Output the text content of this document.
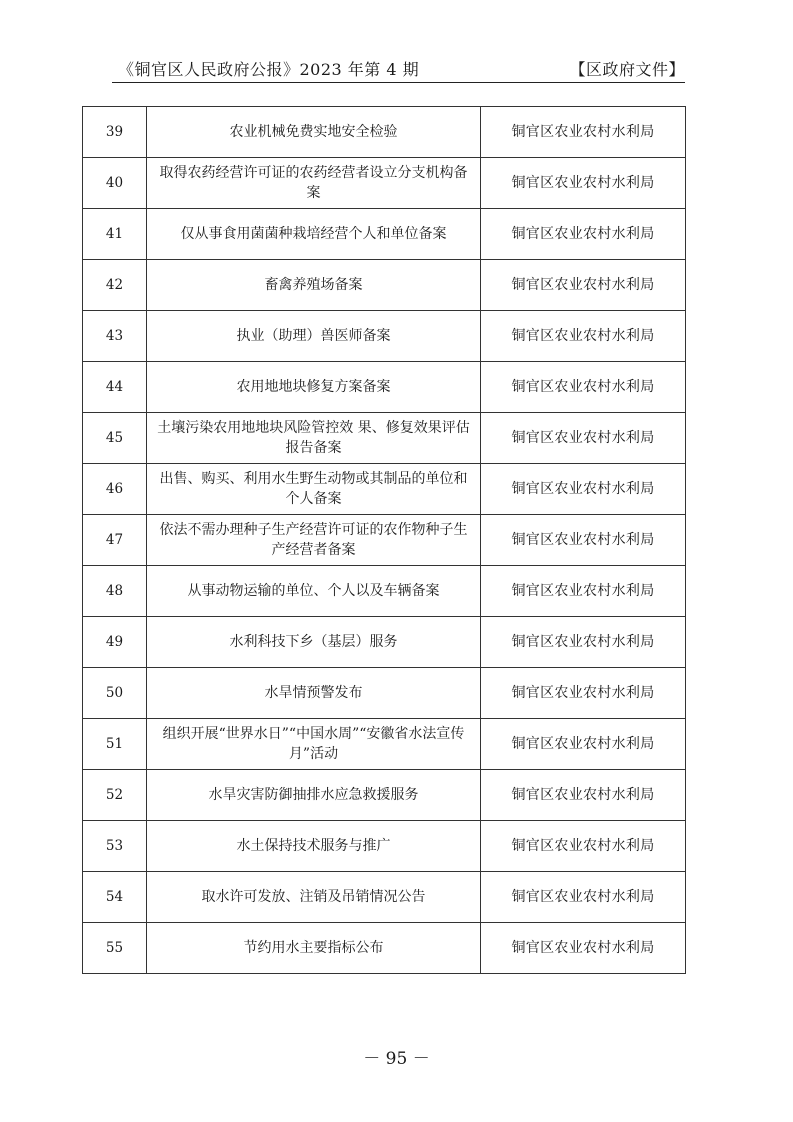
《铜官区人民政府公报》2023 年第 4 期	【区政府文件】
39	农业机械免费实地安全检验	铜官区农业农村水利局
40	取得农药经营许可证的农药经营者设立分支机构备案	铜官区农业农村水利局
41	仅从事食用菌菌种栽培经营个人和单位备案	铜官区农业农村水利局
42	畜禽养殖场备案	铜官区农业农村水利局
43	执业（助理）兽医师备案	铜官区农业农村水利局
44	农用地地块修复方案备案	铜官区农业农村水利局
45	土壤污染农用地地块风险管控效 果、修复效果评估报告备案	铜官区农业农村水利局
46	出售、购买、利用水生野生动物或其制品的单位和个人备案	铜官区农业农村水利局
47	依法不需办理种子生产经营许可证的农作物种子生产经营者备案	铜官区农业农村水利局
48	从事动物运输的单位、个人以及车辆备案	铜官区农业农村水利局
49	水利科技下乡（基层）服务	铜官区农业农村水利局
50	水旱情预警发布	铜官区农业农村水利局
51	组织开展“世界水日”“中国水周”“安徽省水法宣传月”活动	铜官区农业农村水利局
52	水旱灾害防御抽排水应急救援服务	铜官区农业农村水利局
53	水土保持技术服务与推广	铜官区农业农村水利局
54	取水许可发放、注销及吊销情况公告	铜官区农业农村水利局
55	节约用水主要指标公布	铜官区农业农村水利局
－ 95 －
